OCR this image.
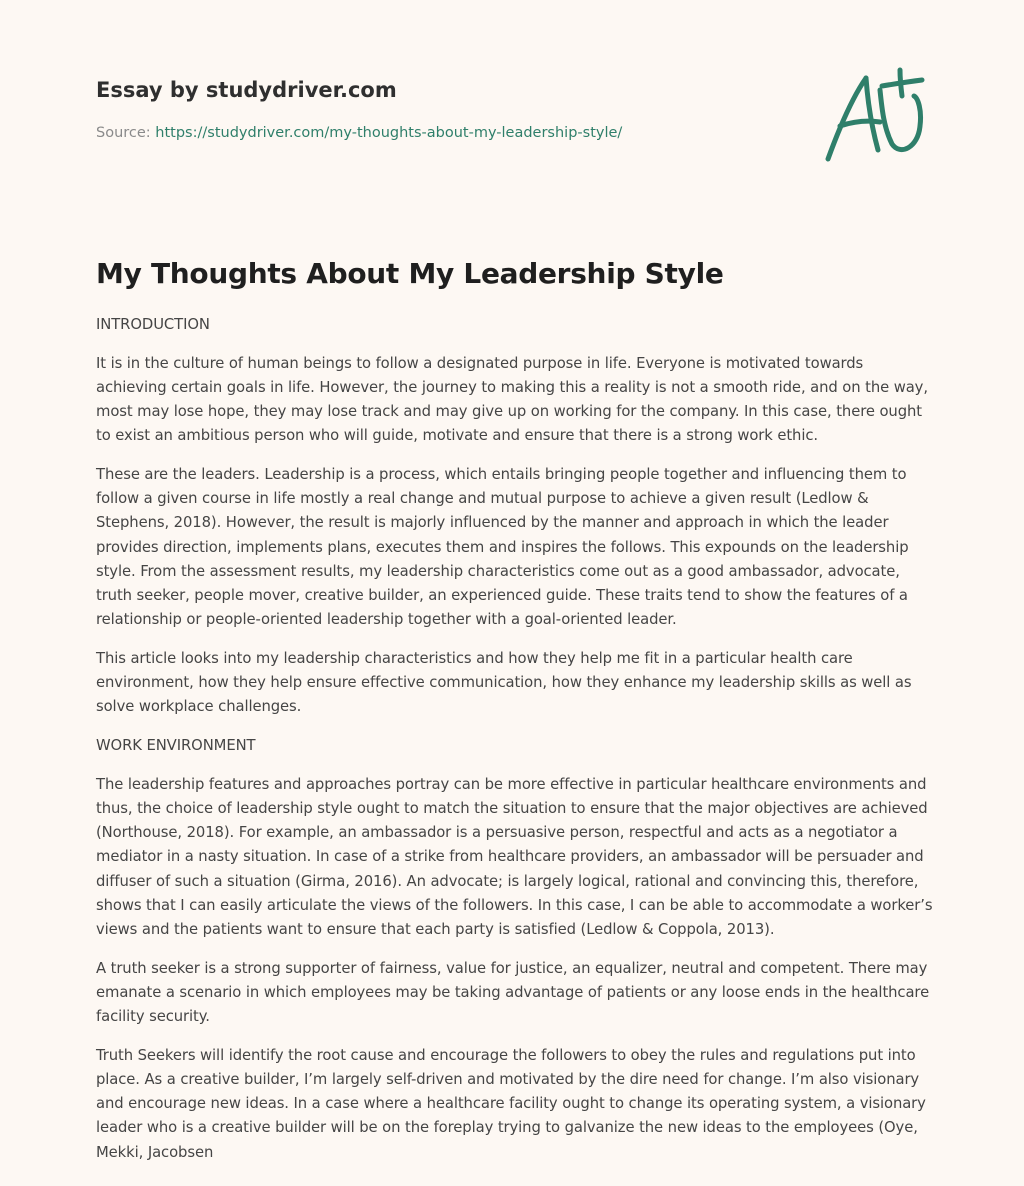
Essay by studydriver.com
Source: https://studydriver.com/my-thoughts-about-my-leadership-style/
My Thoughts About My Leadership Style

INTRODUCTION

It is in the culture of human beings to follow a designated purpose in life. Everyone is motivated towards achieving certain goals in life. However, the journey to making this a reality is not a smooth ride, and on the way, most may lose hope, they may lose track and may give up on working for the company. In this case, there ought to exist an ambitious person who will guide, motivate and ensure that there is a strong work ethic.

These are the leaders. Leadership is a process, which entails bringing people together and influencing them to follow a given course in life mostly a real change and mutual purpose to achieve a given result (Ledlow & Stephens, 2018). However, the result is majorly influenced by the manner and approach in which the leader provides direction, implements plans, executes them and inspires the follows. This expounds on the leadership style. From the assessment results, my leadership characteristics come out as a good ambassador, advocate, truth seeker, people mover, creative builder, an experienced guide. These traits tend to show the features of a relationship or people-oriented leadership together with a goal-oriented leader.

This article looks into my leadership characteristics and how they help me fit in a particular health care environment, how they help ensure effective communication, how they enhance my leadership skills as well as solve workplace challenges.

WORK ENVIRONMENT

The leadership features and approaches portray can be more effective in particular healthcare environments and thus, the choice of leadership style ought to match the situation to ensure that the major objectives are achieved (Northouse, 2018). For example, an ambassador is a persuasive person, respectful and acts as a negotiator a mediator in a nasty situation. In case of a strike from healthcare providers, an ambassador will be persuader and diffuser of such a situation (Girma, 2016). An advocate; is largely logical, rational and convincing this, therefore, shows that I can easily articulate the views of the followers. In this case, I can be able to accommodate a worker’s views and the patients want to ensure that each party is satisfied (Ledlow & Coppola, 2013).

A truth seeker is a strong supporter of fairness, value for justice, an equalizer, neutral and competent. There may emanate a scenario in which employees may be taking advantage of patients or any loose ends in the healthcare facility security.

Truth Seekers will identify the root cause and encourage the followers to obey the rules and regulations put into place. As a creative builder, I’m largely self-driven and motivated by the dire need for change. I’m also visionary and encourage new ideas. In a case where a healthcare facility ought to change its operating system, a visionary leader who is a creative builder will be on the foreplay trying to galvanize the new ideas to the employees (Oye, Mekki, Jacobsen
